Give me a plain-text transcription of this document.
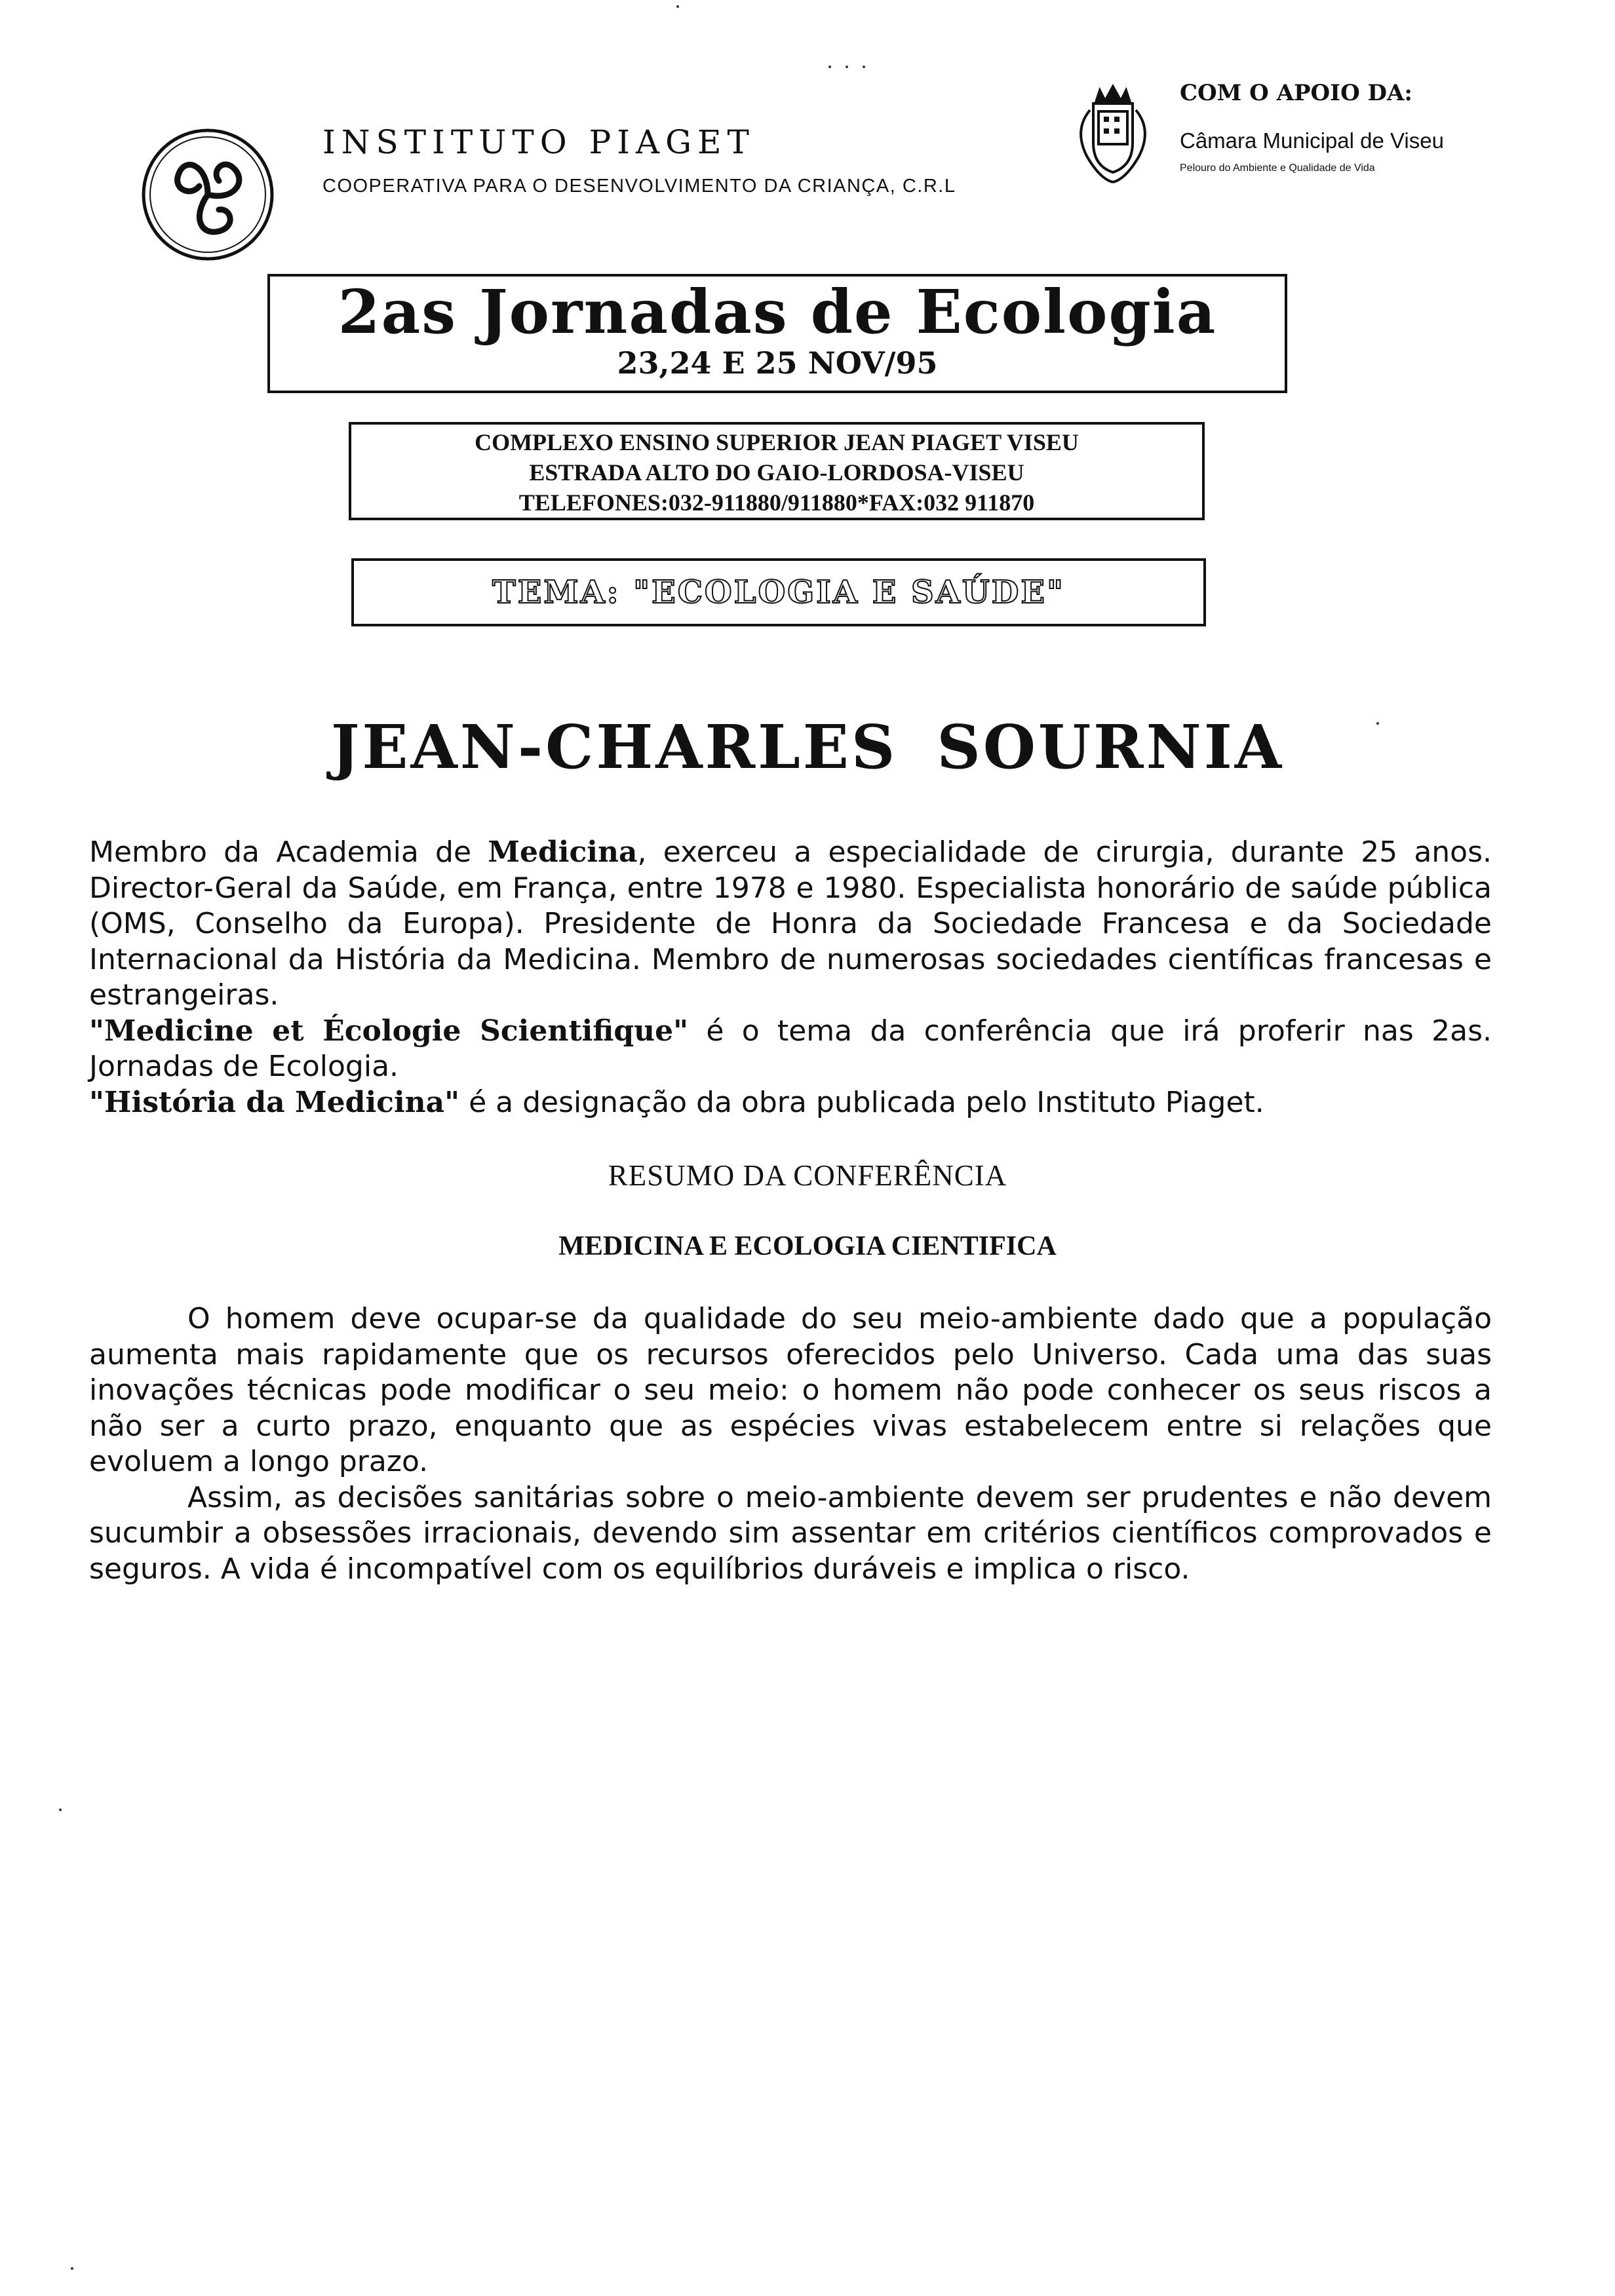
INSTITUTO PIAGET
COOPERATIVA PARA O DESENVOLVIMENTO DA CRIANÇA, C.R.L
COM O APOIO DA:
Câmara Municipal de Viseu
Pelouro do Ambiente e Qualidade de Vida
2as Jornadas de Ecologia
23,24 E 25 NOV/95
COMPLEXO ENSINO SUPERIOR JEAN PIAGET VISEU
ESTRADA ALTO DO GAIO-LORDOSA-VISEU
TELEFONES:032-911880/911880*FAX:032 911870
TEMA: "ECOLOGIA E SAÚDE"
JEAN-CHARLES SOURNIA

Membro da Academia de Medicina, exerceu a especialidade de cirurgia, durante 25 anos. Director-Geral da Saúde, em França, entre 1978 e 1980. Especialista honorário de saúde pública (OMS, Conselho da Europa). Presidente de Honra da Sociedade Francesa e da Sociedade Internacional da História da Medicina. Membro de numerosas sociedades científicas francesas e estrangeiras.

"Medicine et Écologie Scientifique" é o tema da conferência que irá proferir nas 2as. Jornadas de Ecologia.

"História da Medicina" é a designação da obra publicada pelo Instituto Piaget.

RESUMO DA CONFERÊNCIA
MEDICINA E ECOLOGIA CIENTIFICA

O homem deve ocupar-se da qualidade do seu meio-ambiente dado que a população aumenta mais rapidamente que os recursos oferecidos pelo Universo. Cada uma das suas inovações técnicas pode modificar o seu meio: o homem não pode conhecer os seus riscos a não ser a curto prazo, enquanto que as espécies vivas estabelecem entre si relações que evoluem a longo prazo.

Assim, as decisões sanitárias sobre o meio-ambiente devem ser prudentes e não devem sucumbir a obsessões irracionais, devendo sim assentar em critérios científicos comprovados e seguros. A vida é incompatível com os equilíbrios duráveis e implica o risco.
